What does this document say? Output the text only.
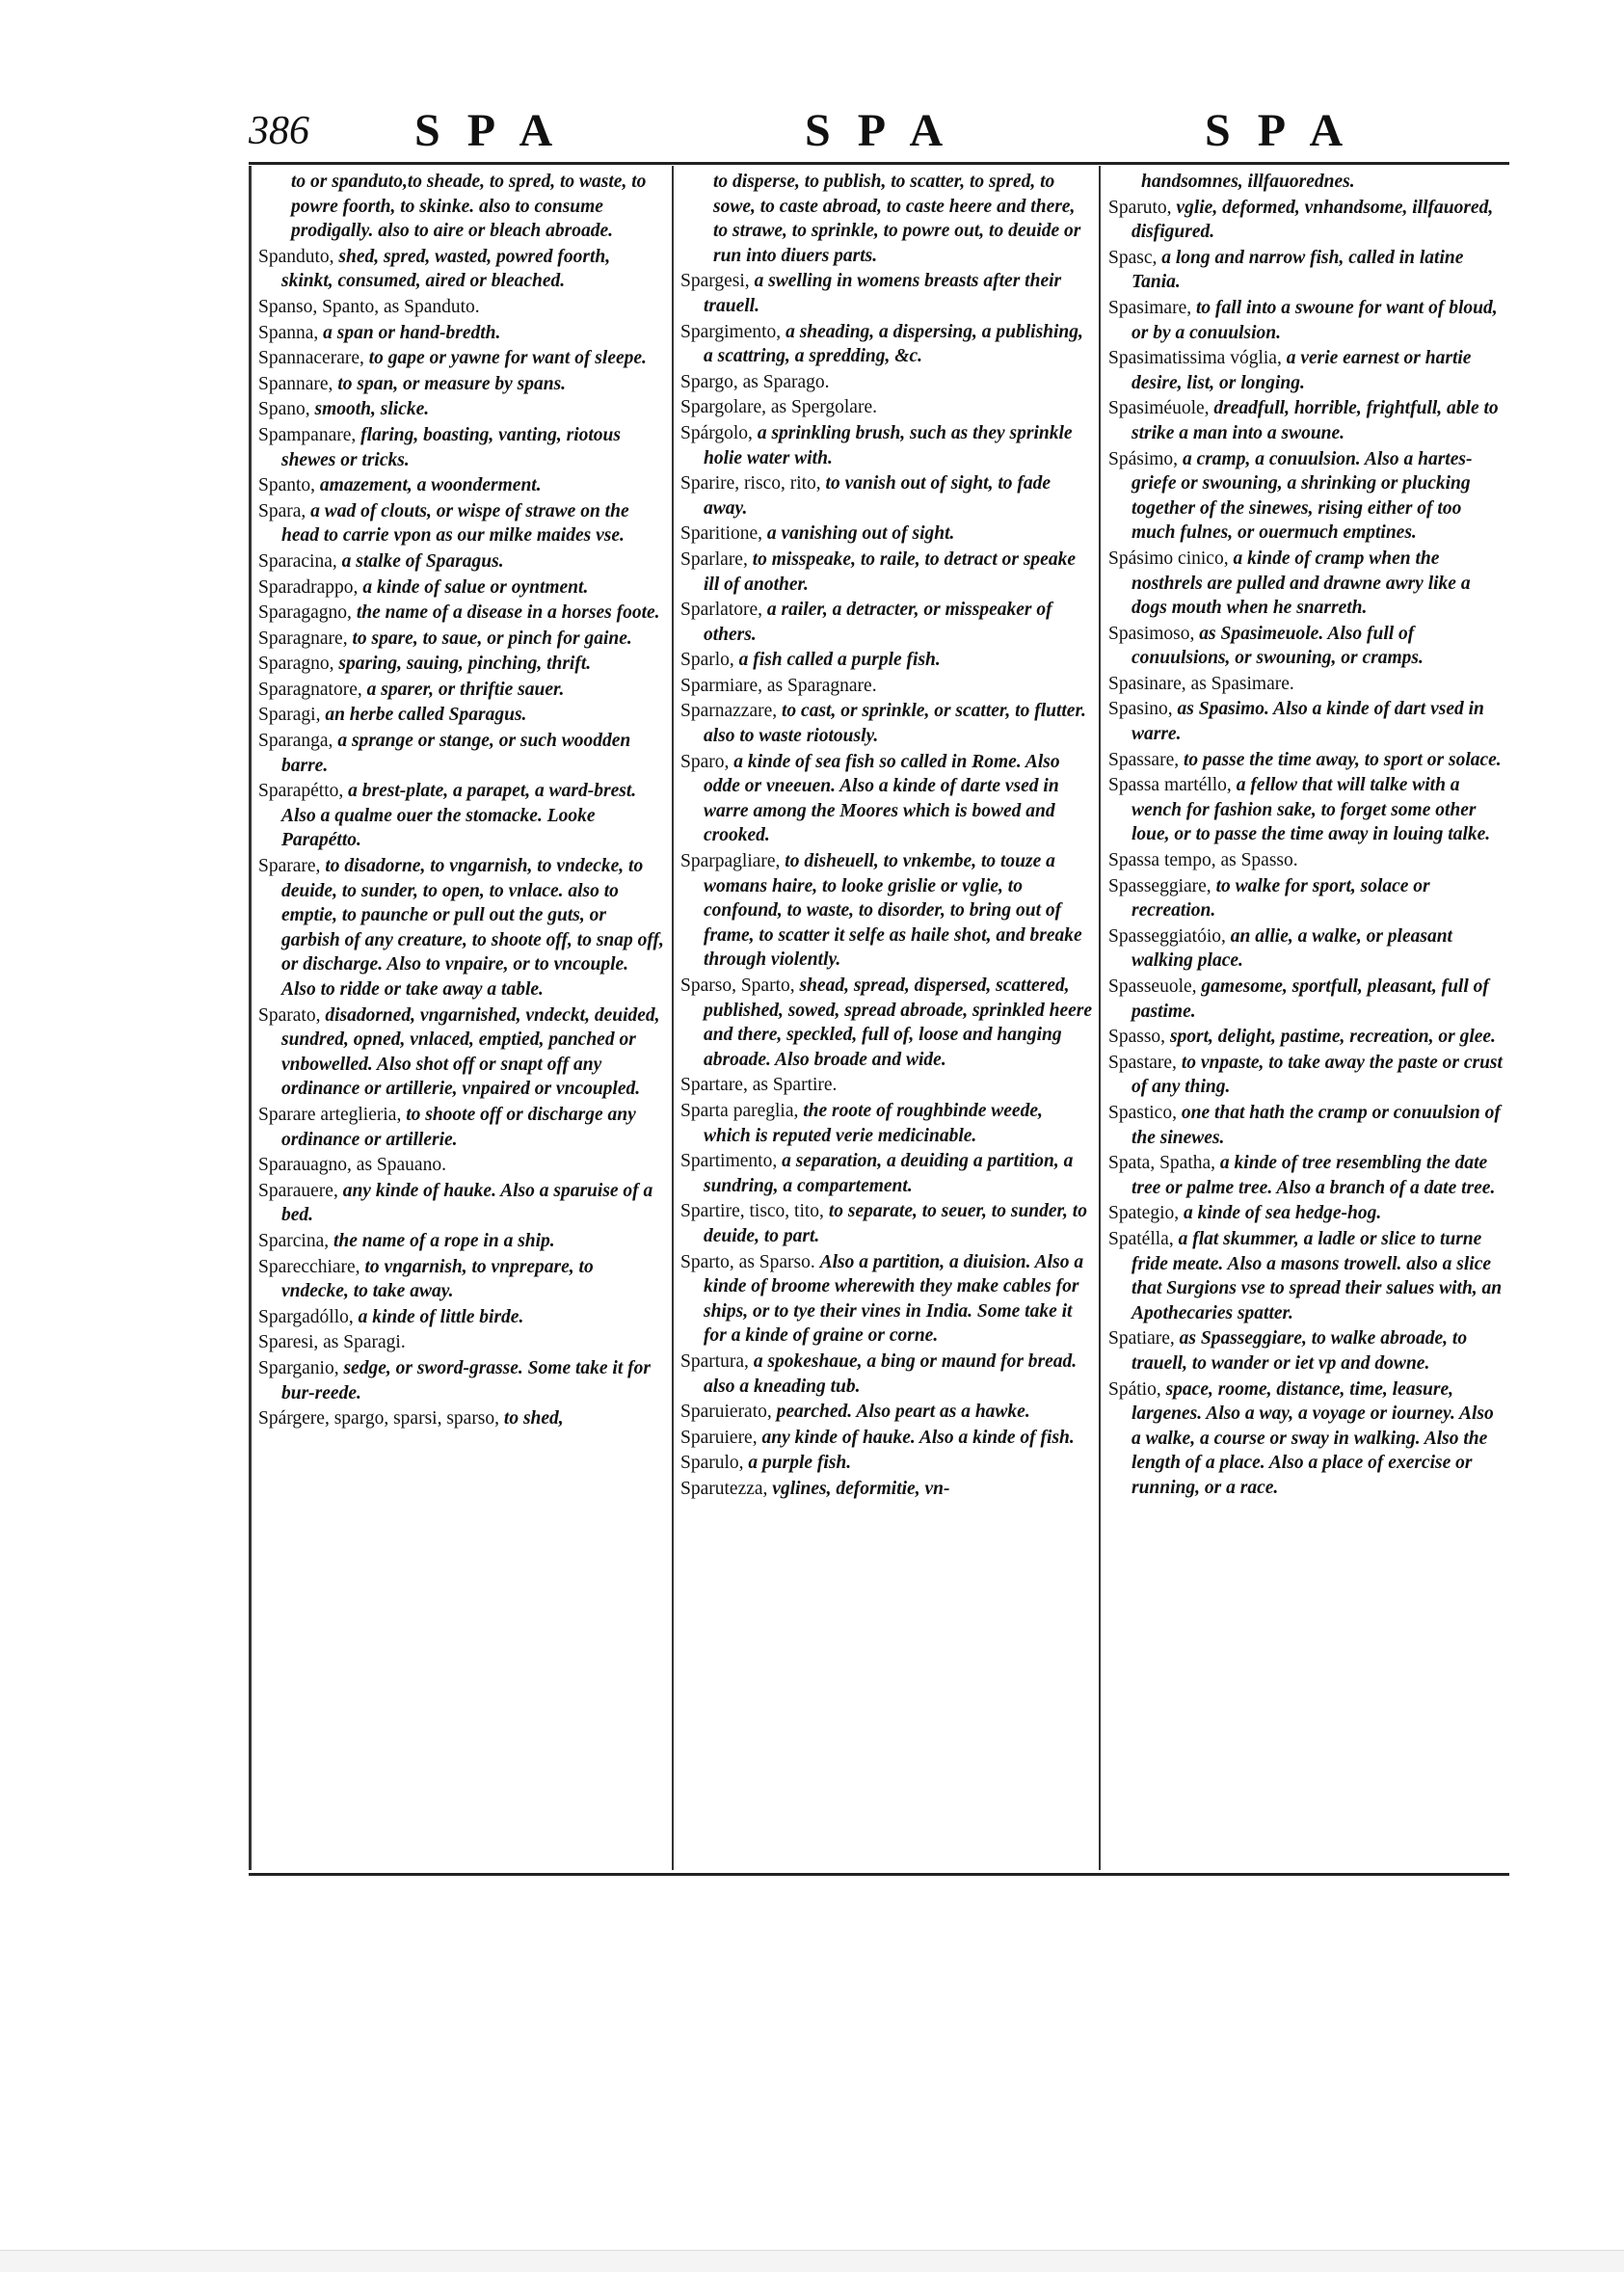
386 SPA	SPA	SPA
to or spanduto,to sheade, to spred, to waste, to powre foorth, to skinke. also to consume prodigally. also to aire or bleach abroade.
Spanduto, shed, spred, wasted, powred foorth, skinkt, consumed, aired or bleached.
Spanso, Spanto, as Spanduto.
Spanna, a span or hand-bredth.
Spannacerare, to gape or yawne for want of sleepe.
Spannare, to span, or measure by spans.
Spano, smooth, slicke.
Spampanare, flaring, boasting, vanting, riotous shewes or tricks.
Spanto, amazement, a woonderment.
Spara, a wad of clouts, or wispe of strawe on the head to carrie vpon as our milke maides vse.
Sparacina, a stalke of Sparagus.
Sparadrappo, a kinde of salue or oyntment.
Sparagagno, the name of a disease in a horses foote.
Sparagnare, to spare, to saue, or pinch for gaine.
Sparagno, sparing, sauing, pinching, thrift.
Sparagnatore, a sparer, or thriftie sauer.
Sparagi, an herbe called Sparagus.
Sparanga, a sprange or stange, or such woodden barre.
Sparapétto, a brest-plate, a parapet, a ward-brest. Also a qualme ouer the stomacke. Looke Parapétto.
Sparare, to disadorne, to vngarnish, to vndecke, to deuide, to sunder, to open, to vnlace. also to emptie, to paunche or pull out the guts, or garbish of any creature, to shoote off, to snap off, or discharge. Also to vnpaire, or to vncouple. Also to ridde or take away a table.
Sparato, disadorned, vngarnished, vndeckt, deuided, sundred, opned, vnlaced, emptied, panched or vnbowelled. Also shot off or snapt off any ordinance or artillerie, vnpaired or vncoupled.
Sparare arteglieria, to shoote off or discharge any ordinance or artillerie.
Sparauagno, as Spauano.
Sparauere, any kinde of hauke. Also a sparuise of a bed.
Sparcina, the name of a rope in a ship.
Sparecchiare, to vngarnish, to vnprepare, to vndecke, to take away.
Spargadóllo, a kinde of little birde.
Sparesi, as Sparagi.
Sparganio, sedge, or sword-grasse. Some take it for bur-reede.
Spárgere, spargo, sparsi, sparso, to shed,
to disperse, to publish, to scatter, to spred, to sowe, to caste abroad, to caste heere and there, to strawe, to sprinkle, to powre out, to deuide or run into diuers parts.
Spargesi, a swelling in womens breasts after their trauell.
Spargimento, a sheading, a dispersing, a publishing, a scattring, a spredding, &c.
Spargo, as Sparago.
Spargolare, as Spergolare.
Spárgolo, a sprinkling brush, such as they sprinkle holie water with.
Sparire, risco, rito, to vanish out of sight, to fade away.
Sparitione, a vanishing out of sight.
Sparlare, to misspeake, to raile, to detract or speake ill of another.
Sparlatore, a railer, a detracter, or misspeaker of others.
Sparlo, a fish called a purple fish.
Sparmiare, as Sparagnare.
Sparnazzare, to cast, or sprinkle, or scatter, to flutter. also to waste riotously.
Sparo, a kinde of sea fish so called in Rome. Also odde or vneeuen. Also a kinde of darte vsed in warre among the Moores which is bowed and crooked.
Sparpagliare, to disheuell, to vnkembe, to touze a womans haire, to looke grislie or vglie, to confound, to waste, to disorder, to bring out of frame, to scatter it selfe as haile shot, and breake through violently.
Sparso, Sparto, shead, spread, dispersed, scattered, published, sowed, spread abroade, sprinkled heere and there, speckled, full of, loose and hanging abroade. Also broade and wide.
Spartare, as Spartire.
Sparta pareglia, the roote of roughbinde weede, which is reputed verie medicinable.
Spartimento, a separation, a deuiding a partition, a sundring, a compartement.
Spartire, tisco, tito, to separate, to seuer, to sunder, to deuide, to part.
Sparto, as Sparso. Also a partition, a diuision. Also a kinde of broome wherewith they make cables for ships, or to tye their vines in India. Some take it for a kinde of graine or corne.
Spartura, a spokeshaue, a bing or maund for bread. also a kneading tub.
Sparuierato, pearched. Also peart as a hawke.
Sparuiere, any kinde of hauke. Also a kinde of fish.
Sparulo, a purple fish.
Sparutezza, vglines, deformitie, vn-
handsomnes, illfauorednes.
Sparuto, vglie, deformed, vnhandsome, illfauored, disfigured.
Spasc, a long and narrow fish, called in latine Tania.
Spasimare, to fall into a swoune for want of bloud, or by a conuulsion.
Spasimatissima vóglia, a verie earnest or hartie desire, list, or longing.
Spasiméuole, dreadfull, horrible, frightfull, able to strike a man into a swoune.
Spásimo, a cramp, a conuulsion. Also a hartes-griefe or swouning, a shrinking or plucking together of the sinewes, rising either of too much fulnes, or ouermuch emptines.
Spásimo cinico, a kinde of cramp when the nosthrels are pulled and drawne awry like a dogs mouth when he snarreth.
Spasimoso, as Spasimeuole. Also full of conuulsions, or swouning, or cramps.
Spasinare, as Spasimare.
Spasino, as Spasimo. Also a kinde of dart vsed in warre.
Spassare, to passe the time away, to sport or solace.
Spassa martéllo, a fellow that will talke with a wench for fashion sake, to forget some other loue, or to passe the time away in louing talke.
Spassa tempo, as Spasso.
Spasseggiare, to walke for sport, solace or recreation.
Spasseggiatóio, an allie, a walke, or pleasant walking place.
Spasseuole, gamesome, sportfull, pleasant, full of pastime.
Spasso, sport, delight, pastime, recreation, or glee.
Spastare, to vnpaste, to take away the paste or crust of any thing.
Spastico, one that hath the cramp or conuulsion of the sinewes.
Spata, Spatha, a kinde of tree resembling the date tree or palme tree. Also a branch of a date tree.
Spategio, a kinde of sea hedge-hog.
Spatélla, a flat skummer, a ladle or slice to turne fride meate. Also a masons trowell. also a slice that Surgions vse to spread their salues with, an Apothecaries spatter.
Spatiare, as Spasseggiare, to walke abroade, to trauell, to wander or iet vp and downe.
Spátio, space, roome, distance, time, leasure, largenes. Also a way, a voyage or iourney. Also a walke, a course or sway in walking. Also the length of a place. Also a place of exercise or running, or a race.
